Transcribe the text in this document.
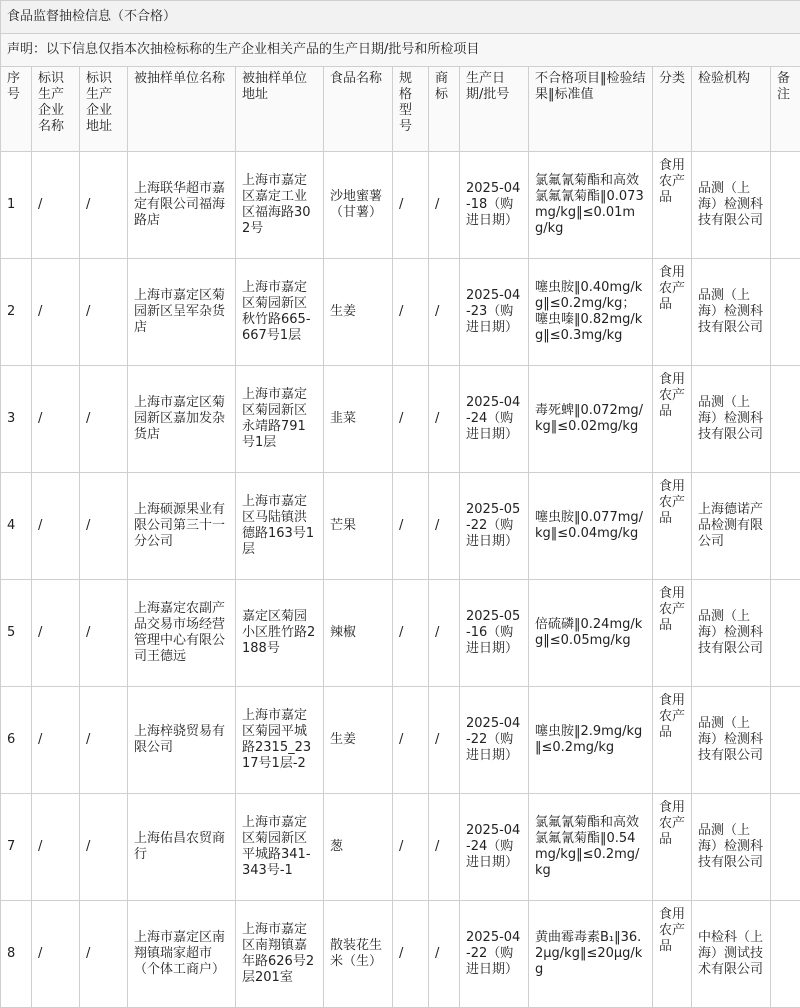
食品监督抽检信息（不合格）												
声明：以下信息仅指本次抽检标称的生产企业相关产品的生产日期/批号和所检项目												
序号	标识生产企业名称	标识生产企业地址	被抽样单位名称	被抽样单位地址	食品名称	规格型号	商标	生产日期/批号	不合格项目‖检验结果‖标准值	分类	检验机构	备注
1	/	/	上海联华超市嘉定有限公司福海路店	上海市嘉定区嘉定工业区福海路302号	沙地蜜薯（甘薯）	/	/	2025-04-18（购进日期）	氯氟氰菊酯和高效氯氟氰菊酯‖0.073mg/kg‖≤0.01mg/kg	食用农产品	品测（上海）检测科技有限公司	
2	/	/	上海市嘉定区菊园新区呈军杂货店	上海市嘉定区菊园新区秋竹路665-667号1层	生姜	/	/	2025-04-23（购进日期）	噻虫胺‖0.40mg/kg‖≤0.2mg/kg；噻虫嗪‖0.82mg/kg‖≤0.3mg/kg	食用农产品	品测（上海）检测科技有限公司	
3	/	/	上海市嘉定区菊园新区嘉加发杂货店	上海市嘉定区菊园新区永靖路791号1层	韭菜	/	/	2025-04-24（购进日期）	毒死蜱‖0.072mg/kg‖≤0.02mg/kg	食用农产品	品测（上海）检测科技有限公司	
4	/	/	上海硕源果业有限公司第三十一分公司	上海市嘉定区马陆镇洪德路163号1层	芒果	/	/	2025-05-22（购进日期）	噻虫胺‖0.077mg/kg‖≤0.04mg/kg	食用农产品	上海德诺产品检测有限公司	
5	/	/	上海嘉定农副产品交易市场经营管理中心有限公司王德远	嘉定区菊园小区胜竹路2188号	辣椒	/	/	2025-05-16（购进日期）	倍硫磷‖0.24mg/kg‖≤0.05mg/kg	食用农产品	品测（上海）检测科技有限公司	
6	/	/	上海梓骁贸易有限公司	上海市嘉定区菊园平城路2315_2317号1层-2	生姜	/	/	2025-04-22（购进日期）	噻虫胺‖2.9mg/kg‖≤0.2mg/kg	食用农产品	品测（上海）检测科技有限公司	
7	/	/	上海佑昌农贸商行	上海市嘉定区菊园新区平城路341-343号-1	葱	/	/	2025-04-24（购进日期）	氯氟氰菊酯和高效氯氟氰菊酯‖0.54mg/kg‖≤0.2mg/kg	食用农产品	品测（上海）检测科技有限公司	
8	/	/	上海市嘉定区南翔镇瑞家超市（个体工商户）	上海市嘉定区南翔镇嘉年路626号2层201室	散装花生米（生）	/	/	2025-04-22（购进日期）	黄曲霉毒素B₁‖36.2μg/kg‖≤20μg/kg	食用农产品	中检科（上海）测试技术有限公司	
